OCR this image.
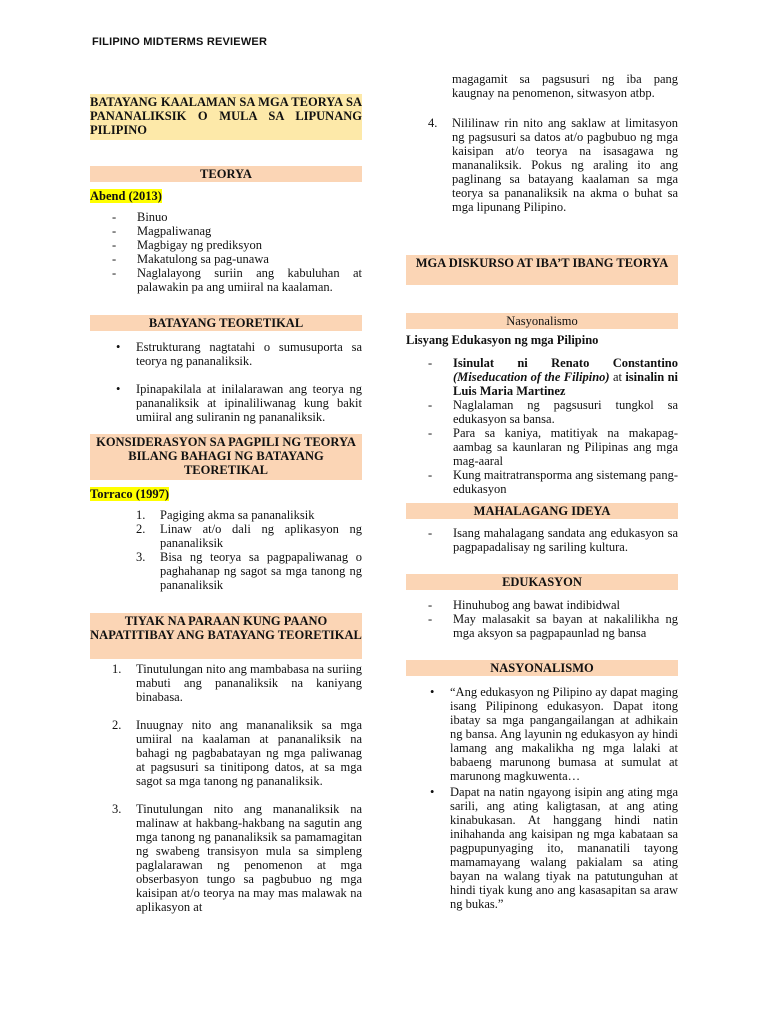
FILIPINO MIDTERMS REVIEWER
BATAYANG KAALAMAN SA MGA TEORYA SA PANANALIKSIK O MULA SA LIPUNANG PILIPINO
TEORYA
Abend (2013)
- Binuo
- Magpaliwanag
- Magbigay ng prediksyon
- Makatulong sa pag-unawa
- Naglalayong suriin ang kabuluhan at palawakin pa ang umiiral na kaalaman.
BATAYANG TEORETIKAL
• Estrukturang nagtatahi o sumusuporta sa teorya ng pananaliksik.
• Ipinapakilala at inilalarawan ang teorya ng pananaliksik at ipinaliliwanag kung bakit umiiral ang suliranin ng pananaliksik.
KONSIDERASYON SA PAGPILI NG TEORYA BILANG BAHAGI NG BATAYANG TEORETIKAL
Torraco (1997)
1. Pagiging akma sa pananaliksik
2. Linaw at/o dali ng aplikasyon ng pananaliksik
3. Bisa ng teorya sa pagpapaliwanag o paghahanap ng sagot sa mga tanong ng pananaliksik
TIYAK NA PARAAN KUNG PAANO NAPATITIBAY ANG BATAYANG TEORETIKAL
1. Tinutulungan nito ang mambabasa na suriing mabuti ang pananaliksik na kaniyang binabasa.
2. Inuugnay nito ang mananaliksik sa mga umiiral na kaalaman at pananaliksik na bahagi ng pagbabatayan ng mga paliwanag at pagsusuri sa tinitipong datos, at sa mga sagot sa mga tanong ng pananaliksik.
3. Tinutulungan nito ang mananaliksik na malinaw at hakbang-hakbang na sagutin ang mga tanong ng pananaliksik sa pamamagitan ng swabeng transisyon mula sa simpleng paglalarawan ng penomenon at mga obserbasyon tungo sa pagbubuo ng mga kaisipan at/o teorya na may mas malawak na aplikasyon at
magagamit sa pagsusuri ng iba pang kaugnay na penomenon, sitwasyon atbp.
4. Nililinaw rin nito ang saklaw at limitasyon ng pagsusuri sa datos at/o pagbubuo ng mga kaisipan at/o teorya na isasagawa ng mananaliksik. Pokus ng araling ito ang paglinang sa batayang kaalaman sa mga teorya sa pananaliksik na akma o buhat sa mga lipunang Pilipino.
MGA DISKURSO AT IBA’T IBANG TEORYA
Nasyonalismo
Lisyang Edukasyon ng mga Pilipino
- Isinulat ni Renato Constantino (Miseducation of the Filipino) at isinalin ni Luis Maria Martinez
- Naglalaman ng pagsusuri tungkol sa edukasyon sa bansa.
- Para sa kaniya, matitiyak na makapag-aambag sa kaunlaran ng Pilipinas ang mga mag-aaral
- Kung maitratransporma ang sistemang pang-edukasyon
MAHALAGANG IDEYA
- Isang mahalagang sandata ang edukasyon sa pagpapadalisay ng sariling kultura.
EDUKASYON
- Hinuhubog ang bawat indibidwal
- May malasakit sa bayan at nakalilikha ng mga aksyon sa pagpapaunlad ng bansa
NASYONALISMO
• “Ang edukasyon ng Pilipino ay dapat maging isang Pilipinong edukasyon. Dapat itong ibatay sa mga pangangailangan at adhikain ng bansa. Ang layunin ng edukasyon ay hindi lamang ang makalikha ng mga lalaki at babaeng marunong bumasa at sumulat at marunong magkuwenta…
• Dapat na natin ngayong isipin ang ating mga sarili, ang ating kaligtasan, at ang ating kinabukasan. At hanggang hindi natin inihahanda ang kaisipan ng mga kabataan sa pagpupunyaging ito, mananatili tayong mamamayang walang pakialam sa ating bayan na walang tiyak na patutunguhan at hindi tiyak kung ano ang kasasapitan sa araw ng bukas.”
